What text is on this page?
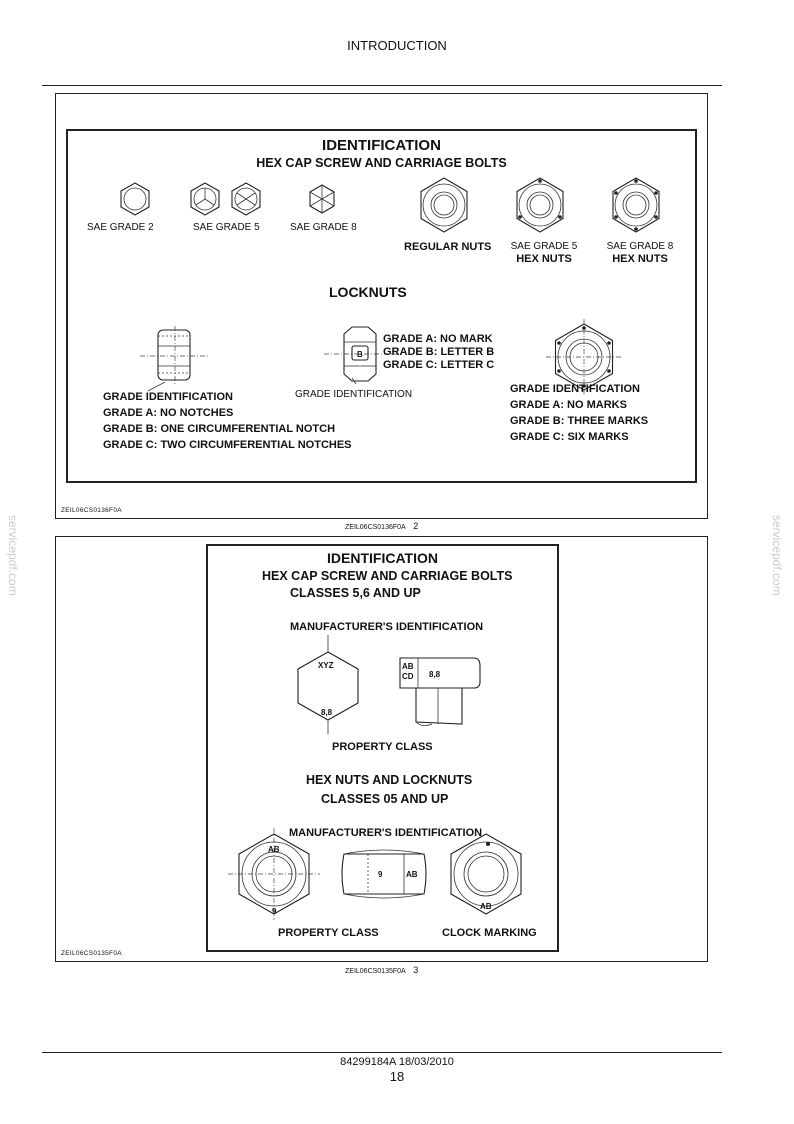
INTRODUCTION
servicepdf.com	servicepdf.com
IDENTIFICATION
HEX CAP SCREW AND CARRIAGE BOLTS
B
SAE GRADE 2	SAE GRADE 5	SAE GRADE 8
REGULAR NUTS	SAE GRADE 5
HEX NUTS
SAE GRADE 8
HEX NUTS
LOCKNUTS
GRADE IDENTIFICATION
GRADE A: NO NOTCHES
GRADE B: ONE CIRCUMFERENTIAL NOTCH
GRADE C: TWO CIRCUMFERENTIAL NOTCHES
GRADE A: NO MARK
GRADE B: LETTER B
GRADE C: LETTER C
GRADE IDENTIFICATION	GRADE IDENTIFICATION
GRADE A: NO MARKS
GRADE B: THREE MARKS
GRADE C: SIX MARKS
ZEIL06CS0136F0A
ZEIL06CS0136F0A 2
IDENTIFICATION
HEX CAP SCREW AND CARRIAGE BOLTS
CLASSES 5,6 AND UP
MANUFACTURER'S IDENTIFICATION
XYZ
8,8
AB
CD 8,8
AB
9
9	AB
AB
PROPERTY CLASS
HEX NUTS AND LOCKNUTS
CLASSES 05 AND UP
MANUFACTURER'S IDENTIFICATION
PROPERTY CLASS	CLOCK MARKING
ZEIL06CS0135F0A
ZEIL06CS0135F0A 3
84299184A 18/03/2010
18
